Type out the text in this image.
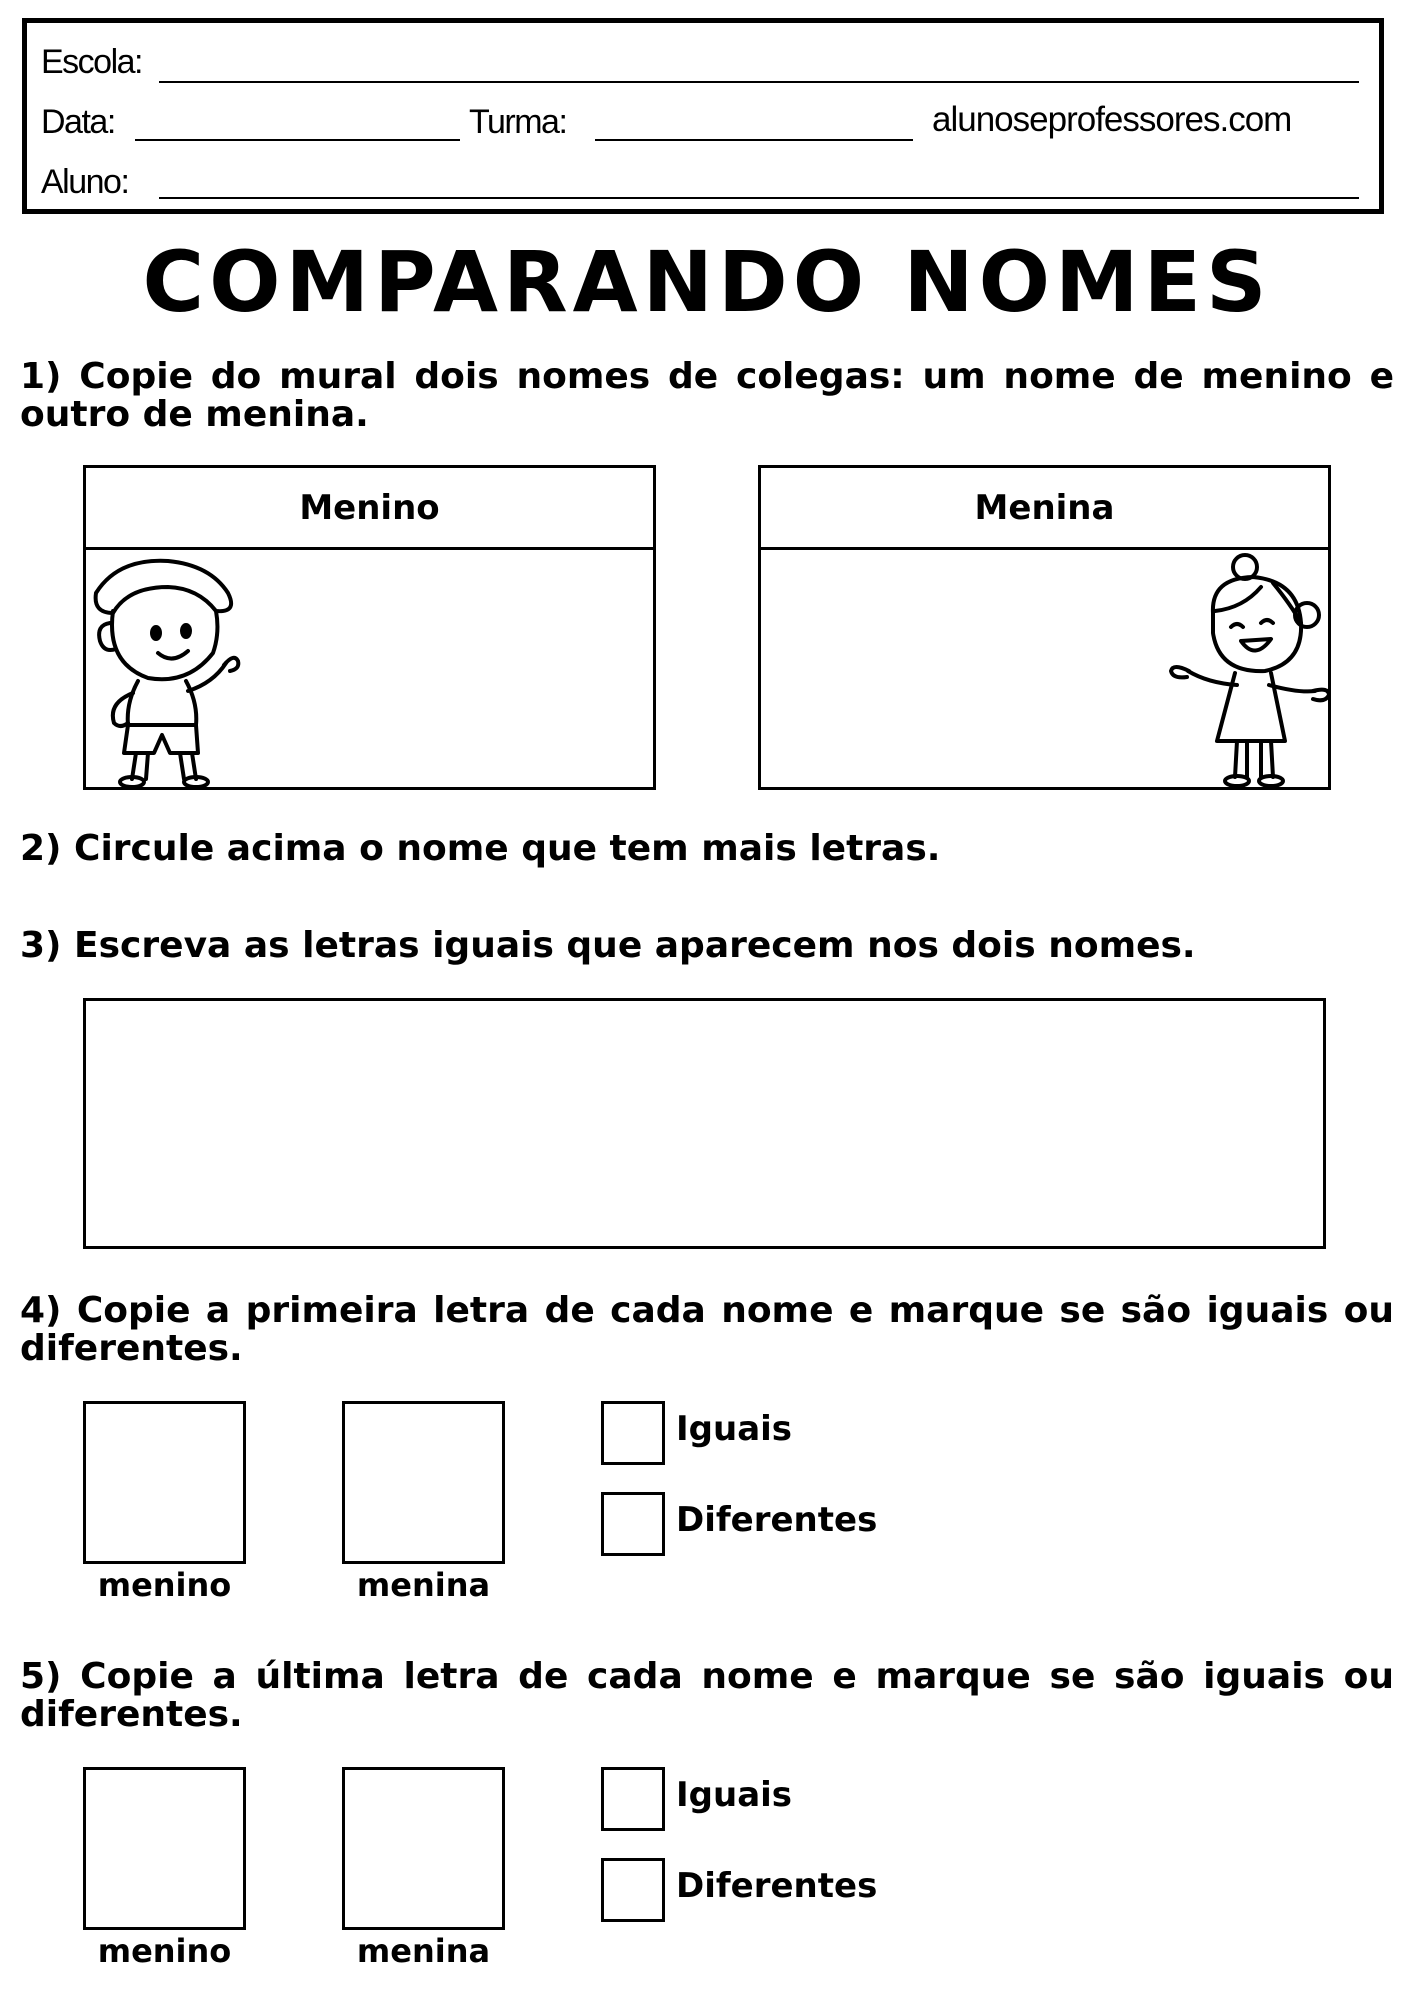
Escola:
Data:	Turma:	alunoseprofessores.com
Aluno:
COMPARANDO NOMES
1) Copie do mural dois nomes de colegas: um nome de menino e outro de menina.
Menino	Menina
2) Circule acima o nome que tem mais letras.
3) Escreva as letras iguais que aparecem nos dois nomes.
4) Copie a primeira letra de cada nome e marque se são iguais ou diferentes.
menino	menina
Iguais
Diferentes
5) Copie a última letra de cada nome e marque se são iguais ou diferentes.
menino	menina
Iguais
Diferentes
